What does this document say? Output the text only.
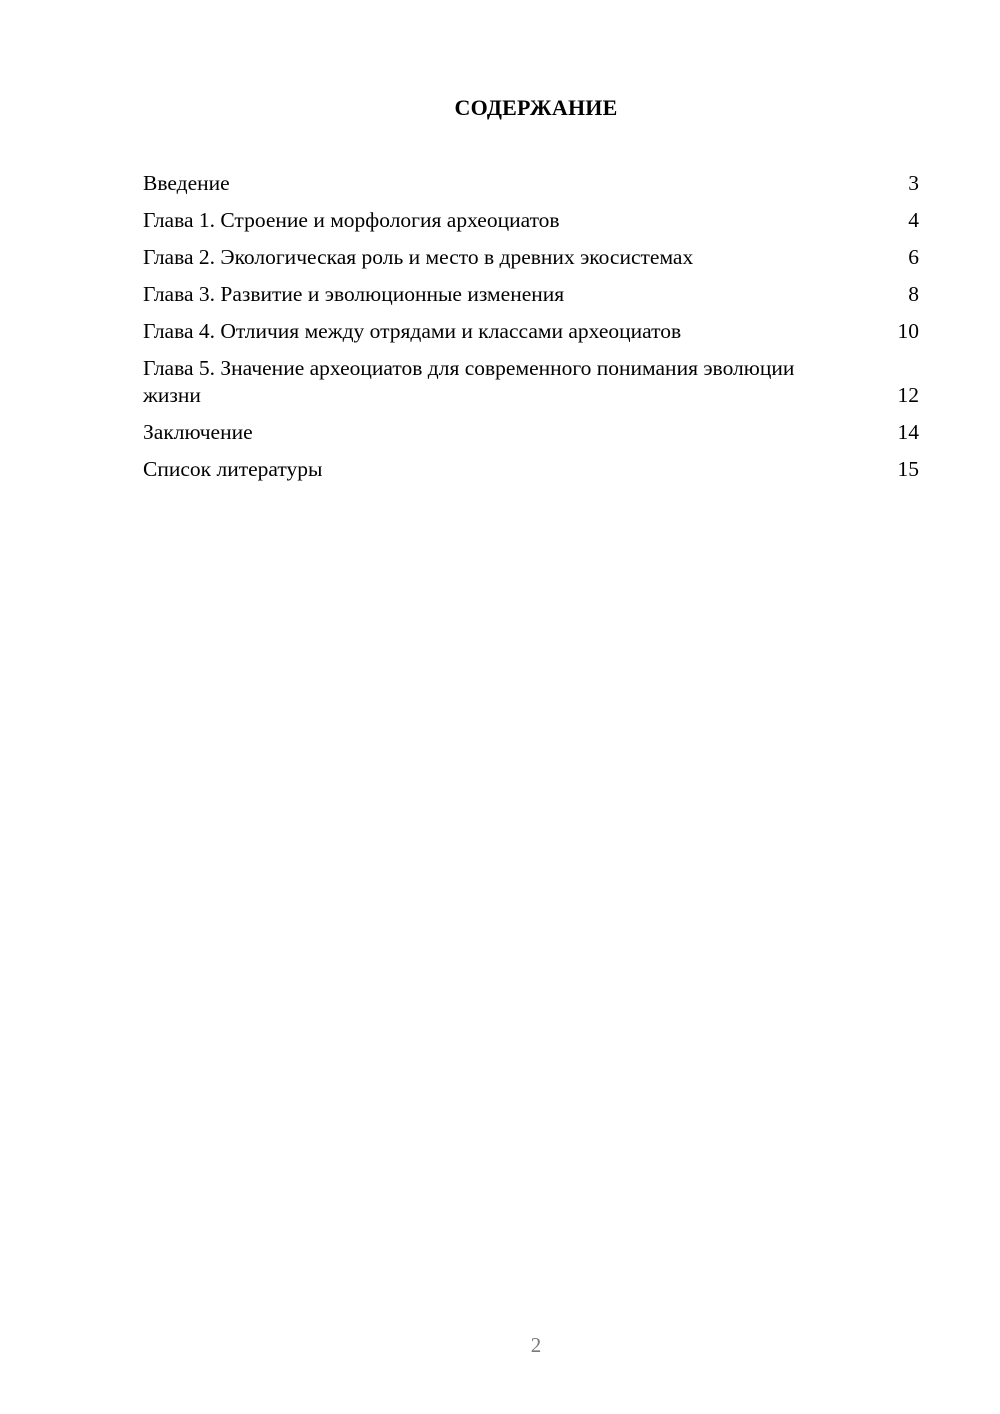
СОДЕРЖАНИЕ
Введение	3
Глава 1. Строение и морфология археоциатов	4
Глава 2. Экологическая роль и место в древних экосистемах	6
Глава 3. Развитие и эволюционные изменения	8
Глава 4. Отличия между отрядами и классами археоциатов	10
Глава 5. Значение археоциатов для современного понимания эволюции жизни	12
Заключение	14
Список литературы	15
2
